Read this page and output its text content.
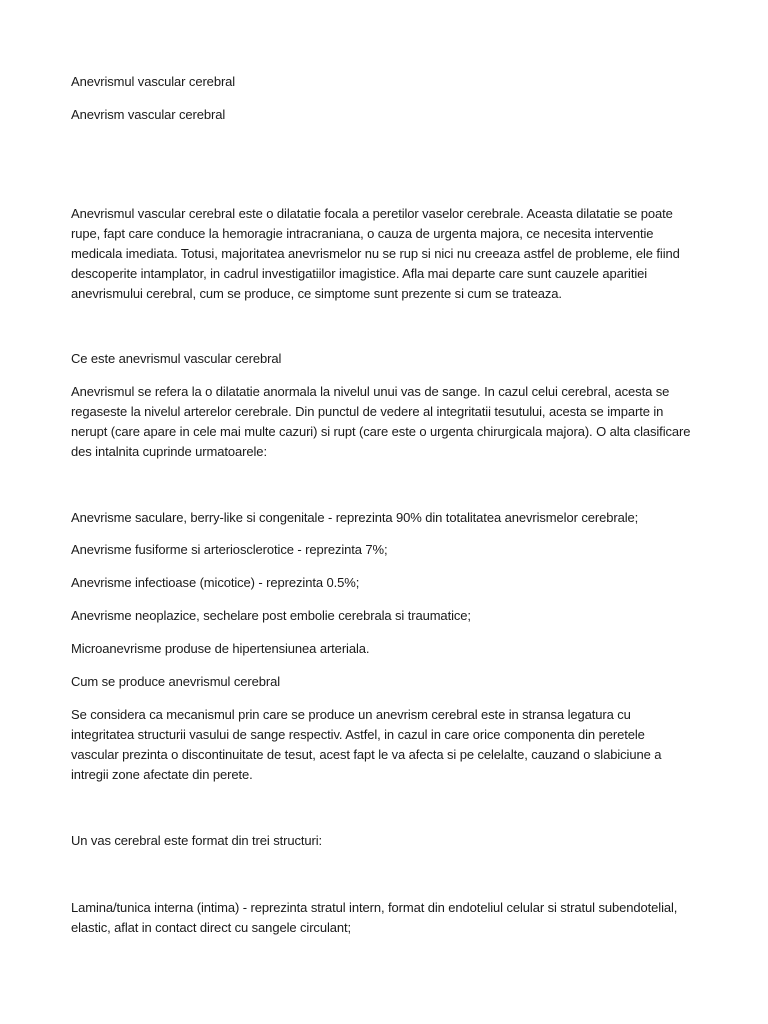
Anevrismul vascular cerebral

Anevrism vascular cerebral

Anevrismul vascular cerebral este o dilatatie focala a peretilor vaselor cerebrale. Aceasta dilatatie se poate rupe, fapt care conduce la hemoragie intracraniana, o cauza de urgenta majora, ce necesita interventie medicala imediata. Totusi, majoritatea anevrismelor nu se rup si nici nu creeaza astfel de probleme, ele fiind descoperite intamplator, in cadrul investigatiilor imagistice. Afla mai departe care sunt cauzele aparitiei anevrismului cerebral, cum se produce, ce simptome sunt prezente si cum se trateaza.

Ce este anevrismul vascular cerebral

Anevrismul se refera la o dilatatie anormala la nivelul unui vas de sange. In cazul celui cerebral, acesta se regaseste la nivelul arterelor cerebrale. Din punctul de vedere al integritatii tesutului, acesta se imparte in nerupt (care apare in cele mai multe cazuri) si rupt (care este o urgenta chirurgicala majora). O alta clasificare des intalnita cuprinde urmatoarele:

Anevrisme saculare, berry-like si congenitale - reprezinta 90% din totalitatea anevrismelor cerebrale;

Anevrisme fusiforme si arteriosclerotice - reprezinta 7%;

Anevrisme infectioase (micotice) - reprezinta 0.5%;

Anevrisme neoplazice, sechelare post embolie cerebrala si traumatice;

Microanevrisme produse de hipertensiunea arteriala.

Cum se produce anevrismul cerebral

Se considera ca mecanismul prin care se produce un anevrism cerebral este in stransa legatura cu integritatea structurii vasului de sange respectiv. Astfel, in cazul in care orice componenta din peretele vascular prezinta o discontinuitate de tesut, acest fapt le va afecta si pe celelalte, cauzand o slabiciune a intregii zone afectate din perete.

Un vas cerebral este format din trei structuri:

Lamina/tunica interna (intima) - reprezinta stratul intern, format din endoteliul celular si stratul subendotelial, elastic, aflat in contact direct cu sangele circulant;
